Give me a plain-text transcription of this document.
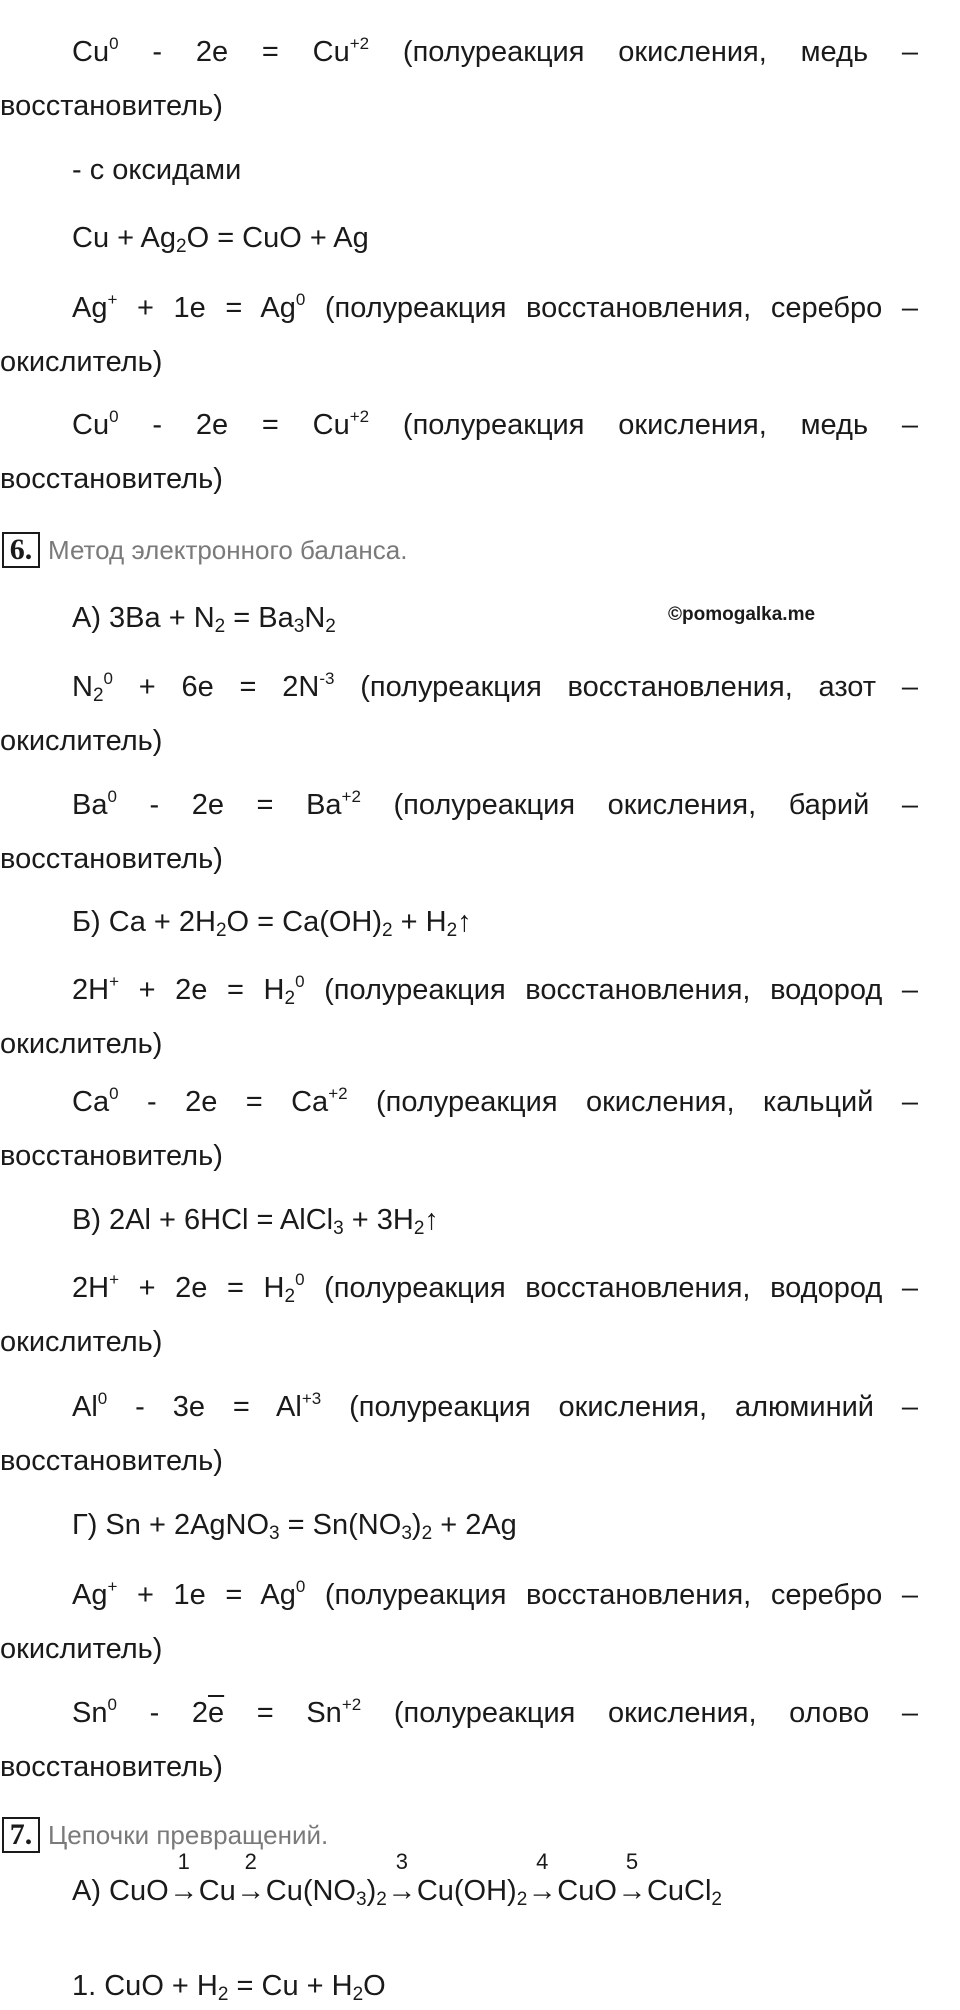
$Cu^0 - 2e = Cu^{+2}$ (полуреакция окисления, медь – восстановитель)
- с оксидами
$Cu + Ag_2O$ = CuO + Ag
$Ag^+ + 1e = Ag^0$ (полуреакция восстановления, серебро – окислитель)
$Cu^0 - 2e = Cu^{+2}$ (полуреакция окисления, медь – восстановитель)
6. Метод электронного баланса.
А) $3Ba + N_2 = Ba_3N_2$
©pomogalka.me
$N_2^0 + 6e = 2N^{-3}$ (полуреакция восстановления, азот – окислитель)
$Ba^0 - 2e = Ba^{+2}$ (полуреакция окисления, барий – восстановитель)
Б) $Ca + 2H_2O = Ca(OH)_2$ + $H_2↑$
$2H^+ + 2e = H_2^0$ (полуреакция восстановления, водород – окислитель)
$Ca^0 - 2e = Ca^{+2}$ (полуреакция окисления, кальций – восстановитель)
В) 2Al + 6HCl = AlCl$_3$ + $3H_2↑$
$2H^+ + 2e = H_2^0$ (полуреакция восстановления, водород – окислитель)
$Al^0 - 3e = Al^{+3}$ (полуреакция окисления, алюминий – восстановитель)
Г) Sn + 2AgNO$_3$ = $Sn(NO_3)_2 + 2Ag$
$Ag^+ + 1e = Ag^0$ (полуреакция восстановления, серебро – окислитель)
$Sn^0 - 2\overline{e} = Sn^{+2}$ (полуреакция окисления, олово – восстановитель)
7. Цепочки превращений.
А) CuO
1
→Cu
2
$\to Cu(NO_3)_2$
3
$\to Cu(OH)_2$
4
→CuO
5
→CuCl$_2$
1. CuO + $H_2 = Cu + H_2O$
